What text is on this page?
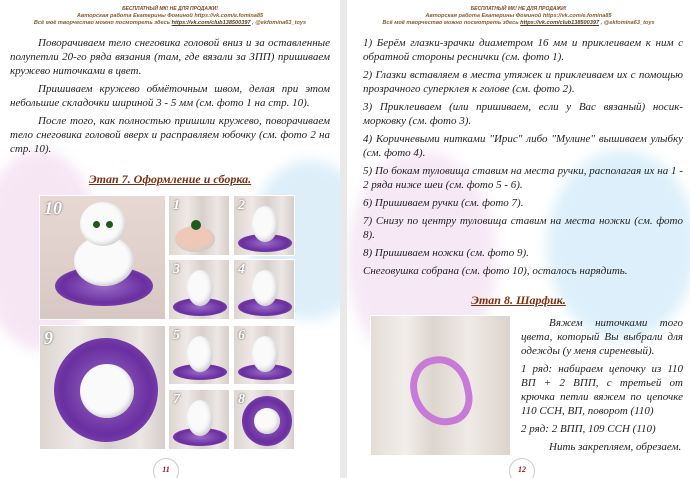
БЕСПЛАТНЫЙ МК! НЕ ДЛЯ ПРОДАЖИ!
Авторская работа Екатерины Фоминой https://vk.com/e.fomina85
Всё моё творчество можно посмотреть здесь https://vk.com/club138500397 , @ekfomina63_toys

Поворачиваем тело снеговика головой вниз и за оставленные полупетли 20-го ряда вязания (там, где вязали за ЗПП) пришиваем кружево ниточками в цвет.

Пришиваем кружево обмёточным швом, делая при этом небольшие складочки шириной 3 - 5 мм (см. фото 1 на стр. 10).

После того, как полностью пришили кружево, поворачиваем тело снеговика головой вверх и расправляем юбочку (см. фото 2 на стр. 10).

Этап 7. Оформление и сборка.
10
9
1	2
3	4
5	6
7	8
11
БЕСПЛАТНЫЙ МК! НЕ ДЛЯ ПРОДАЖИ!
Авторская работа Екатерины Фоминой https://vk.com/e.fomina85
Всё моё творчество можно посмотреть здесь https://vk.com/club138500397 , @ekfomina63_toys

1) Берём глазки-зрачки диаметром 16 мм и приклеиваем к ним с обратной стороны реснички (см. фото 1).

2) Глазки вставляем в места утяжек и приклеиваем их с помощью прозрачного суперклея к голове (см. фото 2).

3) Приклеиваем (или пришиваем, если у Вас вязаный) носик-морковку (см. фото 3).

4) Коричневыми нитками "Ирис" либо "Мулине" вышиваем улыбку (см. фото 4).

5) По бокам туловища ставим на места ручки, располагая их на 1 - 2 ряда ниже шеи (см. фото 5 - 6).

6) Пришиваем ручки (см. фото 7).

7) Снизу по центру туловища ставим на места ножки (см. фото 8).

8) Пришиваем ножки (см. фото 9).

Снеговушка собрана (см. фото 10), осталось нарядить.

Этап 8. Шарфик.

Вяжем ниточками того цвета, который Вы выбрали для одежды (у меня сиреневый).

1 ряд: набираем цепочку из 110 ВП + 2 ВПП, с третьей от крючка петли вяжем по цепочке 110 ССН, ВП, поворот (110)

2 ряд: 2 ВПП, 109 ССН (110)

Нить закрепляем, обрезаем.

12
